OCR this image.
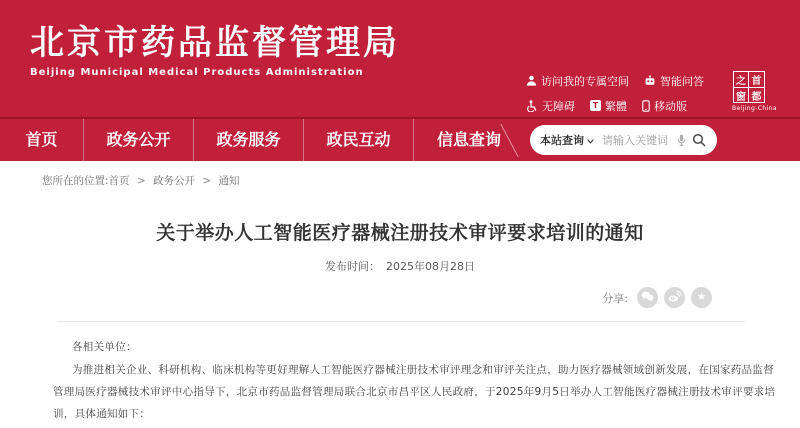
北京市药品监督管理局
Beijing Municipal Medical Products Administration
访问我的专属空间	智能问答
无障碍	T 繁體 移动版
之 首
窗 都
Beijing-China
首页	政务公开	政务服务	政民互动	信息查询	本站查询
请输入关键词
您所在的位置:首页 > 政务公开 > 通知
关于举办人工智能医疗器械注册技术审评要求培训的通知
发布时间： 2025年08月28日
分享:	★

各相关单位：

为推进相关企业、科研机构、临床机构等更好理解人工智能医疗器械注册技术审评理念和审评关注点，助力医疗器械领域创新发展，在国家药品监督管理局医疗器械技术审评中心指导下，北京市药品监督管理局联合北京市昌平区人民政府，于2025年9月5日举办人工智能医疗器械注册技术审评要求培训，具体通知如下：
